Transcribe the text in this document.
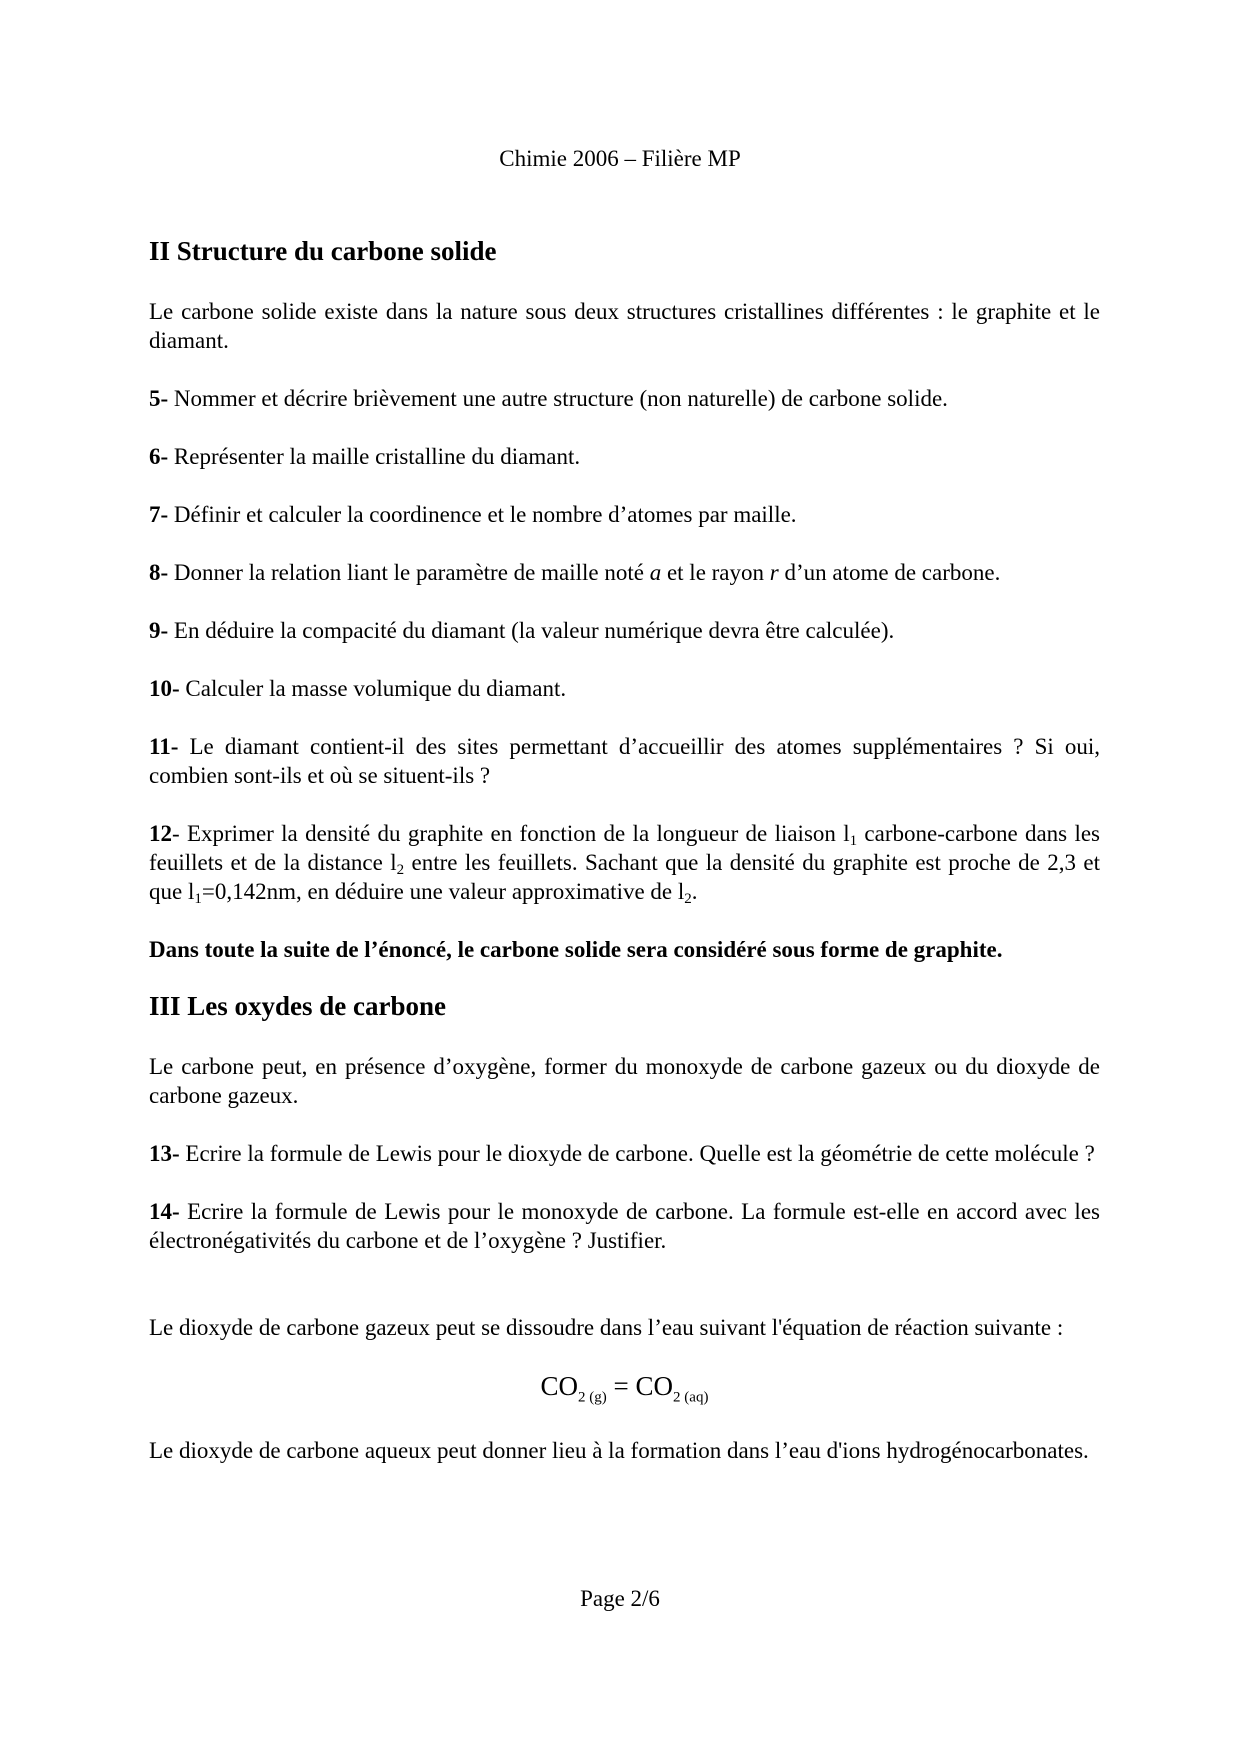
Chimie 2006 – Filière MP
II Structure du carbone solide

Le carbone solide existe dans la nature sous deux structures cristallines différentes : le graphite et le diamant.

5- Nommer et décrire brièvement une autre structure (non naturelle) de carbone solide.

6- Représenter la maille cristalline du diamant.

7- Définir et calculer la coordinence et le nombre d’atomes par maille.

8- Donner la relation liant le paramètre de maille noté a et le rayon r d’un atome de carbone.

9- En déduire la compacité du diamant (la valeur numérique devra être calculée).

10- Calculer la masse volumique du diamant.

11- Le diamant contient-il des sites permettant d’accueillir des atomes supplémentaires ? Si oui, combien sont-ils et où se situent-ils ?

12- Exprimer la densité du graphite en fonction de la longueur de liaison $l_1$ carbone-carbone dans les feuillets et de la distance $l_2$ entre les feuillets. Sachant que la densité du graphite est proche de 2,3 et que $l_1=0,142nm$, en déduire une valeur approximative de $l_2$.

Dans toute la suite de l’énoncé, le carbone solide sera considéré sous forme de graphite.

III Les oxydes de carbone

Le carbone peut, en présence d’oxygène, former du monoxyde de carbone gazeux ou du dioxyde de carbone gazeux.

13- Ecrire la formule de Lewis pour le dioxyde de carbone. Quelle est la géométrie de cette molécule ?

14- Ecrire la formule de Lewis pour le monoxyde de carbone. La formule est-elle en accord avec les électronégativités du carbone et de l’oxygène ? Justifier.

Le dioxyde de carbone gazeux peut se dissoudre dans l’eau suivant l'équation de réaction suivante :

$CO_{2 (g)} = CO_{2 (aq)}$

Le dioxyde de carbone aqueux peut donner lieu à la formation dans l’eau d'ions hydrogénocarbonates.

Page 2/6
